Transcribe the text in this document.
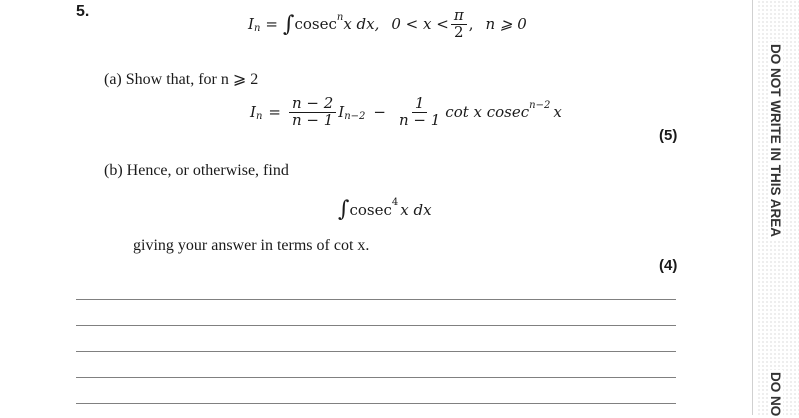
5.
I n = ∫ cosec n x dx, $0 < x < \frac{\pi}{2}$ , n ⩾ 0
(a) Show that, for n ⩾ 2
I $n = \frac{n - 2}{n - 1}$ I $n-2 - \frac{1}{n - 1}$ cot x cosec n−2 x
(5)
(b) Hence, or otherwise, find
∫ cosec 4 x dx
giving your answer in terms of cot x.
(4)
DO NOT WRITE IN THIS AREA
DO NO
